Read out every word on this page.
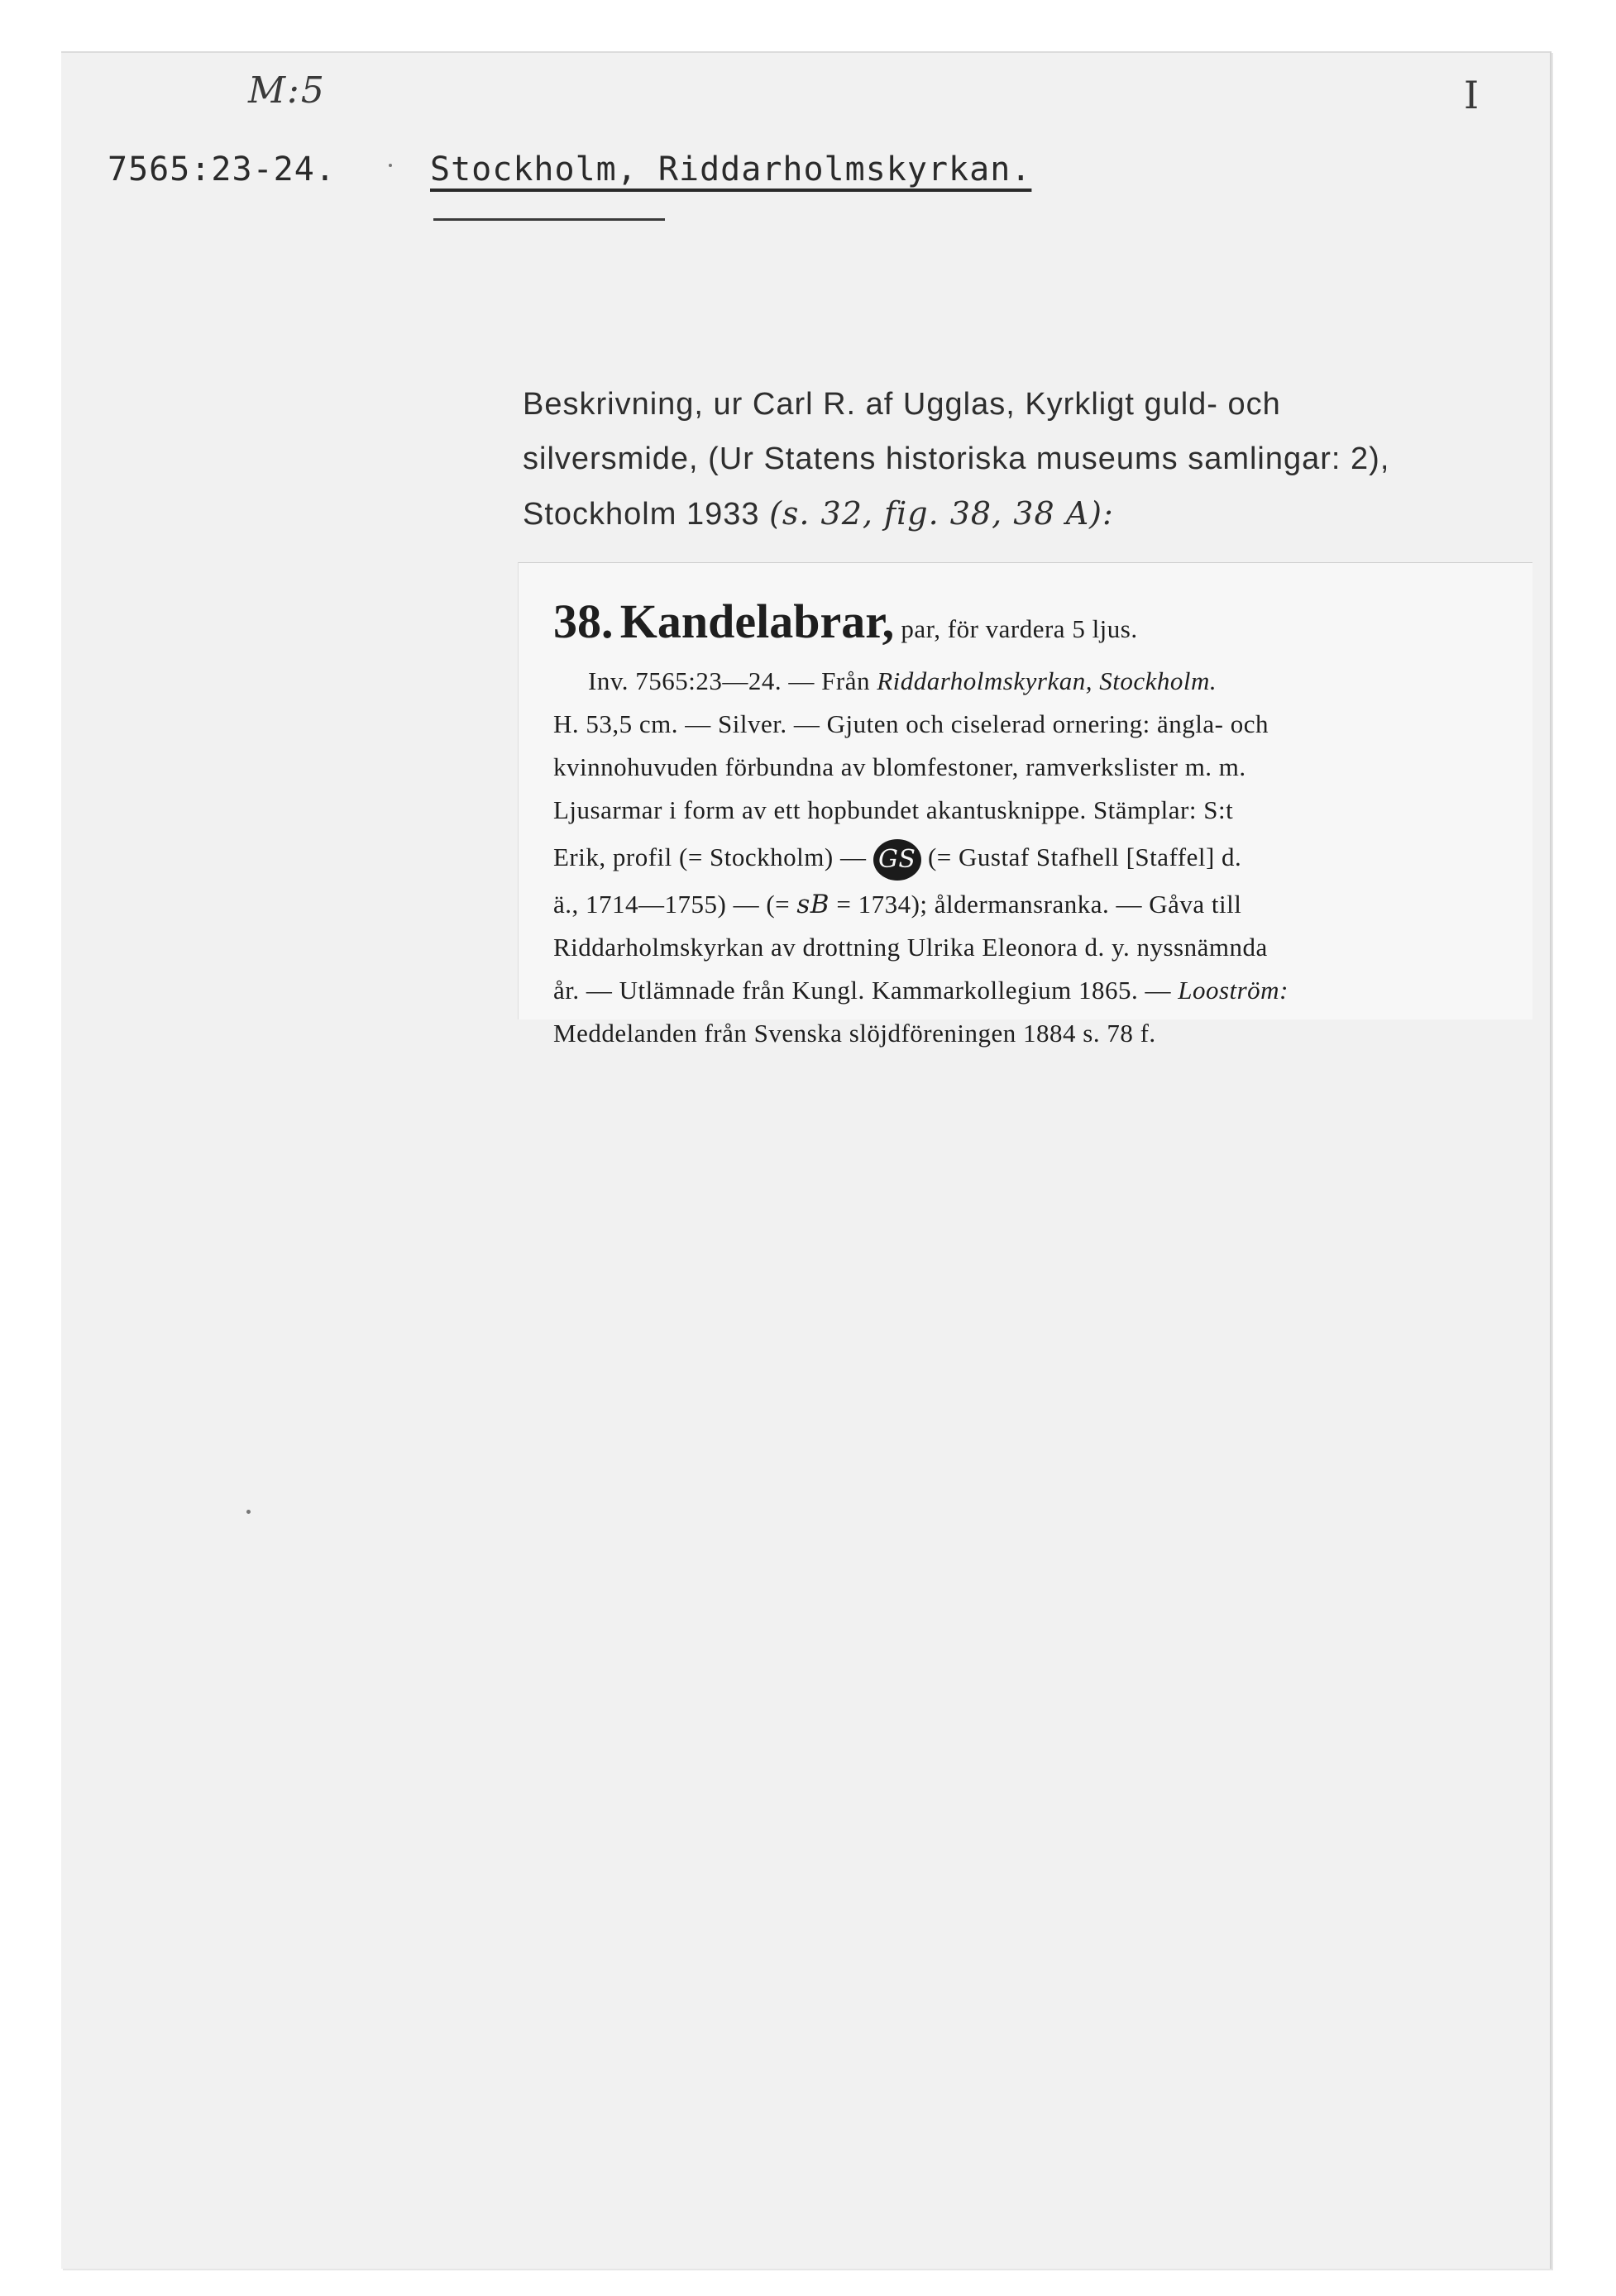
M:5	I
7565:23-24.	Stockholm, Riddarholmskyrkan.
Beskrivning, ur Carl R. af Ugglas, Kyrkligt guld- och
silversmide, (Ur Statens historiska museums samlingar: 2),
Stockholm 1933 (s. 32, fig. 38, 38 A):
38. Kandelabrar, par, för vardera 5 ljus.
Inv. 7565:23—24. — Från Riddarholmskyrkan, Stockholm.
H. 53,5 cm. — Silver. — Gjuten och ciselerad ornering: ängla- och
kvinnohuvuden förbundna av blomfestoner, ramverkslister m. m.
Ljusarmar i form av ett hopbundet akantusknippe. Stämplar: S:t
Erik, profil (= Stockholm) — GS (= Gustaf Stafhell [Staffel] d.
ä., 1714—1755) — (= sB = 1734); åldermansranka. — Gåva till
Riddarholmskyrkan av drottning Ulrika Eleonora d. y. nyssnämnda
år. — Utlämnade från Kungl. Kammarkollegium 1865. — Looström:
Meddelanden från Svenska slöjdföreningen 1884 s. 78 f.
